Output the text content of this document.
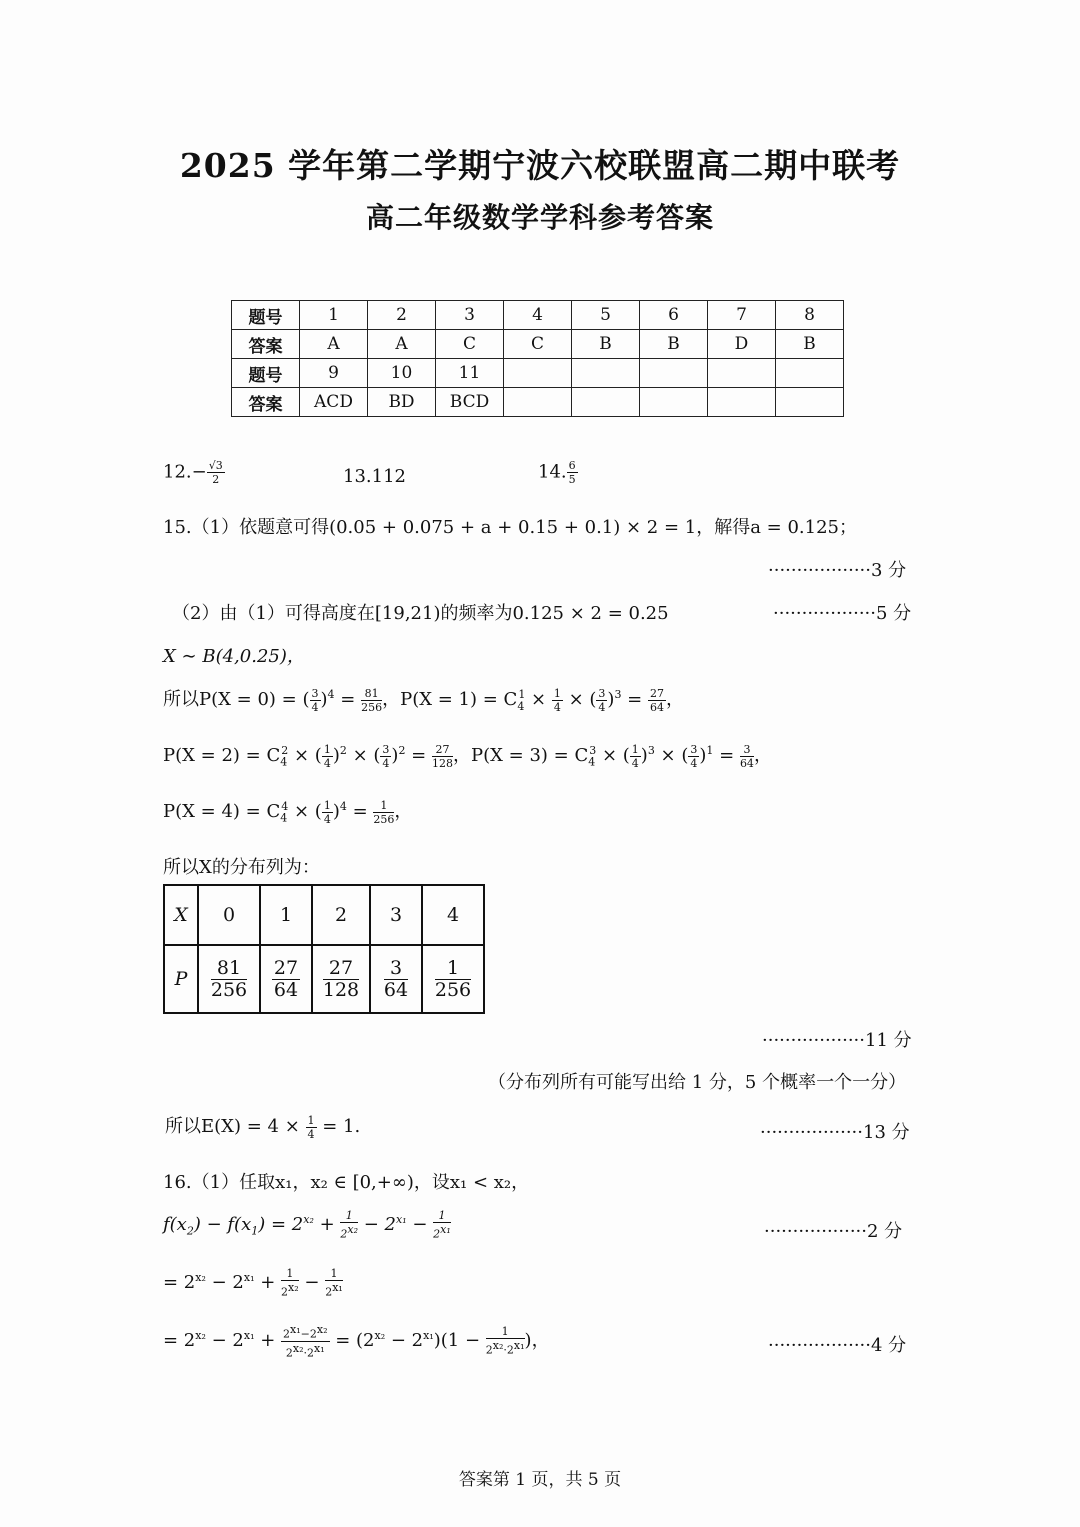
2025 学年第二学期宁波六校联盟高二期中联考
高二年级数学学科参考答案
题号	1	2	3	4	5	6	7	8
答案	A	A	C	C	B	B	D	B
题号	9	10	11					
答案	ACD	BD	BCD					
$12.- \frac{√3}{2}$	13.112	14. $\frac{6}{5}$
15.（1）依题意可得(0.05 + 0.075 + a + 0.15 + 0.1) × 2 = 1，解得a = 0.125；
··················3 分
（2）由（1）可得高度在[19,21)的频率为0.125 × 2 = 0.25	··················5 分
X ∼ B(4,0.25)，
所以P(X = 0) = ( $\frac{3}{4} )^4 = \frac{81}{256}$ ，$P(X = 1) = C_4^1 \times \frac{1}{4}$ × ( $\frac{3}{4} )^3 = \frac{27}{64}$ ，
$P(X = 2) = C_4^2$ × ( $\frac{1}{4} )^2$ × ( $\frac{3}{4} )^2 = \frac{27}{128}$ ，$P(X = 3) = C_4^3$ × ( $\frac{1}{4} )^3$ × ( $\frac{3}{4} )^1 = \frac{3}{64}$ ，
$P(X = 4) = C_4^4$ × ( $\frac{1}{4} )^4 = \frac{1}{256}$ ，
所以X的分布列为：
X	0	1	2	3	4
P	$\frac{81}{256}$	$\frac{27}{64}$	$\frac{27}{128}$	$\frac{3}{64}$	$\frac{1}{256}$
··················11 分
（分布列所有可能写出给 1 分，5 个概率一个一分）
所以$E(X) = 4 \times \frac{1}{4} = 1$.	··················13 分
16.（1）任取x₁，x₂ ∈ [0,+∞)，设x₁ < x₂，
$f(x_2) - f(x_1) = 2^{x_2} + \frac{1}{2^{x_2}} - 2^{x_1} - \frac{1}{2^{x_1}}$	··················2 分
= $2^{x_2} - 2^{x_1} + \frac{1}{2^{x_2}} - \frac{1}{2^{x_1}}$
= $2^{x_2} - 2^{x_1} + \frac{2^{x_1}-2^{x_2}}{2^{x_2}\cdot 2^{x_1}} = (2^{x_2} - 2^{x_1})(1 - \frac{1}{2^{x_2}\cdot 2^{x_1}}$ )，	··················4 分
答案第 1 页，共 5 页
